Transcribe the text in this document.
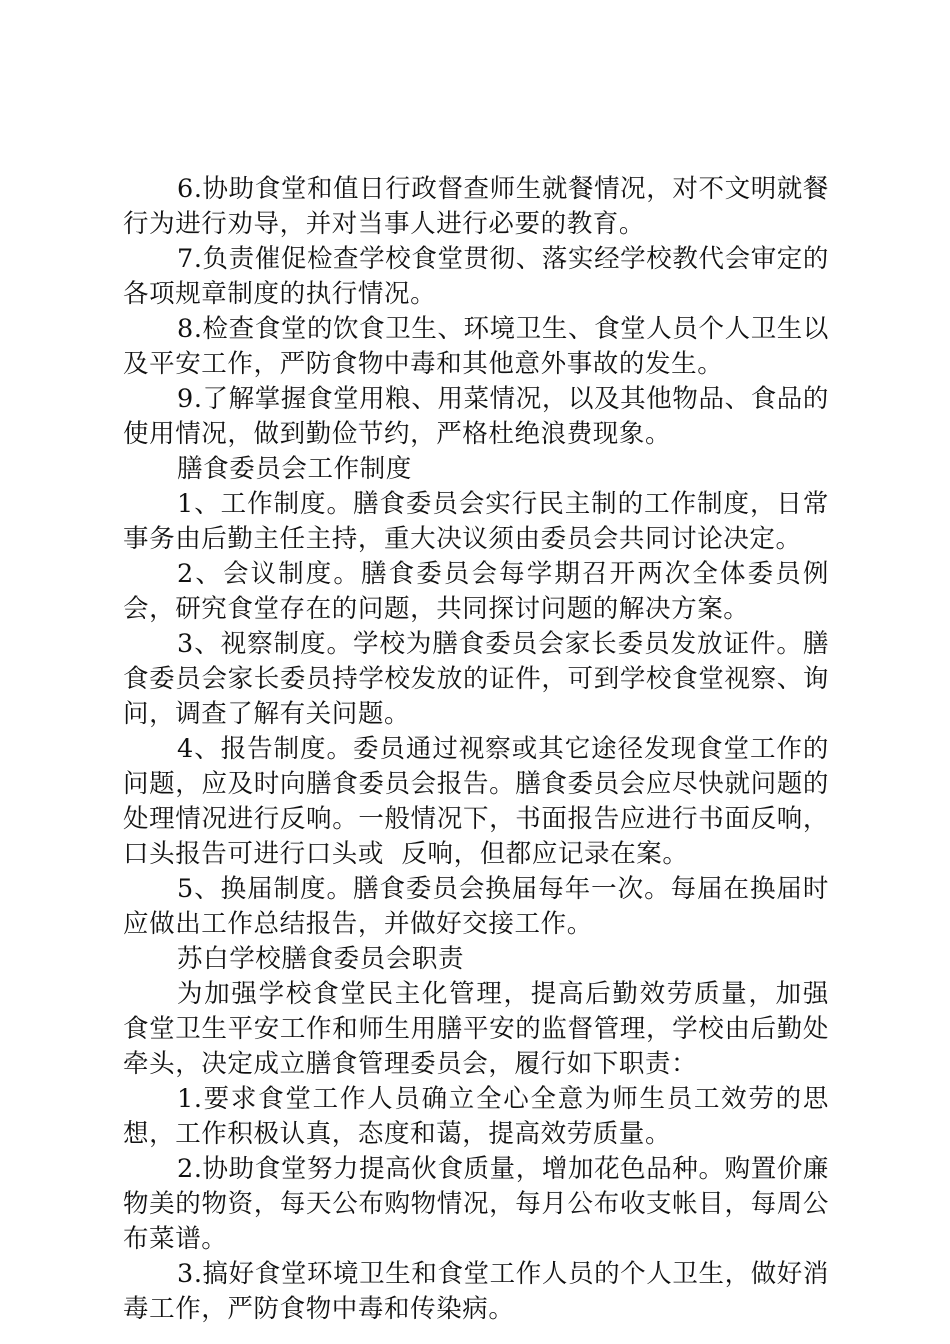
6.协助食堂和值日行政督查师生就餐情况，对不文明就餐行为进行劝导，并对当事人进行必要的教育。

7.负责催促检查学校食堂贯彻、落实经学校教代会审定的各项规章制度的执行情况。

8.检查食堂的饮食卫生、环境卫生、食堂人员个人卫生以及平安工作，严防食物中毒和其他意外事故的发生。

9.了解掌握食堂用粮、用菜情况，以及其他物品、食品的使用情况，做到勤俭节约，严格杜绝浪费现象。

膳食委员会工作制度

1、工作制度。膳食委员会实行民主制的工作制度，日常事务由后勤主任主持，重大决议须由委员会共同讨论决定。

2、会议制度。膳食委员会每学期召开两次全体委员例会，研究食堂存在的问题，共同探讨问题的解决方案。

3、视察制度。学校为膳食委员会家长委员发放证件。膳食委员会家长委员持学校发放的证件，可到学校食堂视察、询问，调查了解有关问题。

4、报告制度。委员通过视察或其它途径发现食堂工作的问题，应及时向膳食委员会报告。膳食委员会应尽快就问题的处理情况进行反响。一般情况下，书面报告应进行书面反响，口头报告可进行口头或  反响，但都应记录在案。

5、换届制度。膳食委员会换届每年一次。每届在换届时应做出工作总结报告，并做好交接工作。

苏白学校膳食委员会职责

为加强学校食堂民主化管理，提高后勤效劳质量，加强食堂卫生平安工作和师生用膳平安的监督管理，学校由后勤处牵头，决定成立膳食管理委员会，履行如下职责：

1.要求食堂工作人员确立全心全意为师生员工效劳的思想，工作积极认真，态度和蔼，提高效劳质量。

2.协助食堂努力提高伙食质量，增加花色品种。购置价廉物美的物资，每天公布购物情况，每月公布收支帐目，每周公布菜谱。

3.搞好食堂环境卫生和食堂工作人员的个人卫生，做好消毒工作，严防食物中毒和传染病。
